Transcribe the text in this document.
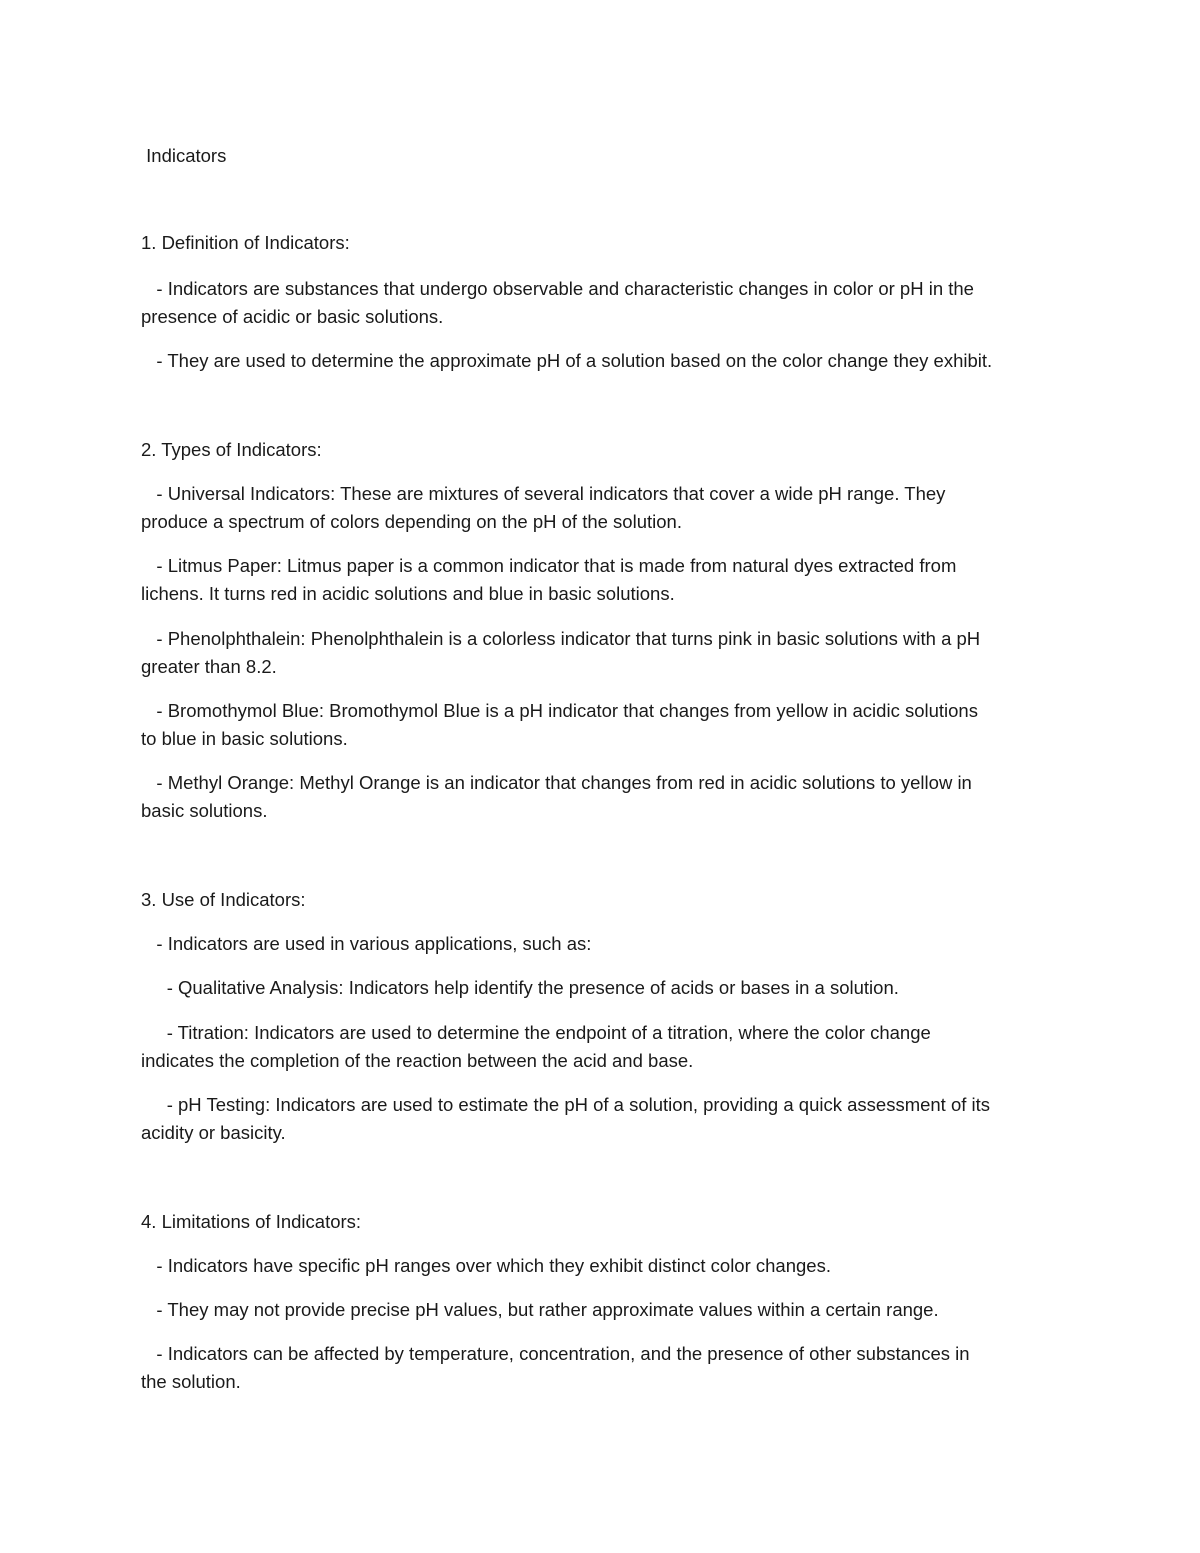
Indicators
1. Definition of Indicators:
- Indicators are substances that undergo observable and characteristic changes in color or pH in the
presence of acidic or basic solutions.
- They are used to determine the approximate pH of a solution based on the color change they exhibit.
2. Types of Indicators:
- Universal Indicators: These are mixtures of several indicators that cover a wide pH range. They
produce a spectrum of colors depending on the pH of the solution.
- Litmus Paper: Litmus paper is a common indicator that is made from natural dyes extracted from
lichens. It turns red in acidic solutions and blue in basic solutions.
- Phenolphthalein: Phenolphthalein is a colorless indicator that turns pink in basic solutions with a pH
greater than 8.2.
- Bromothymol Blue: Bromothymol Blue is a pH indicator that changes from yellow in acidic solutions
to blue in basic solutions.
- Methyl Orange: Methyl Orange is an indicator that changes from red in acidic solutions to yellow in
basic solutions.
3. Use of Indicators:
- Indicators are used in various applications, such as:
- Qualitative Analysis: Indicators help identify the presence of acids or bases in a solution.
- Titration: Indicators are used to determine the endpoint of a titration, where the color change
indicates the completion of the reaction between the acid and base.
- pH Testing: Indicators are used to estimate the pH of a solution, providing a quick assessment of its
acidity or basicity.
4. Limitations of Indicators:
- Indicators have specific pH ranges over which they exhibit distinct color changes.
- They may not provide precise pH values, but rather approximate values within a certain range.
- Indicators can be affected by temperature, concentration, and the presence of other substances in
the solution.
